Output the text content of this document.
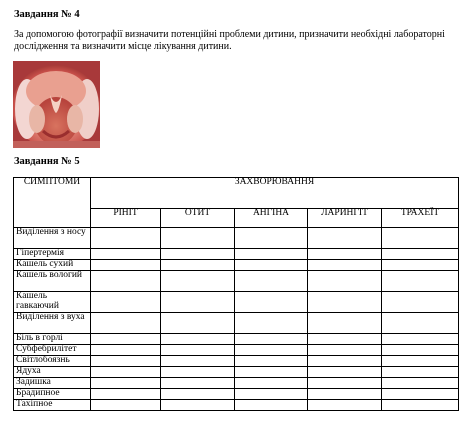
Завдання № 4
За допомогою фотографії визначити потенційні проблеми дитини, призначити необхідні лабораторні дослідження та визначити місце лікування дитини.
Завдання № 5
СИМПТОМИ	ЗАХВОРЮВАННЯ				
	РІНІТ	ОТИТ	АНГІНА	ЛАРИНГІТ	ТРАХЕЇТ
Виділення з носу					
Гіпертермія					
Кашель сухий					
Кашель вологий					
Кашель гавкаючий					
Виділення з вуха					
Біль в горлі					
Субфебрилітет					
Світлобоязнь					
Ядуха					
Задишка					
Брадипное					
Тахіпное					
